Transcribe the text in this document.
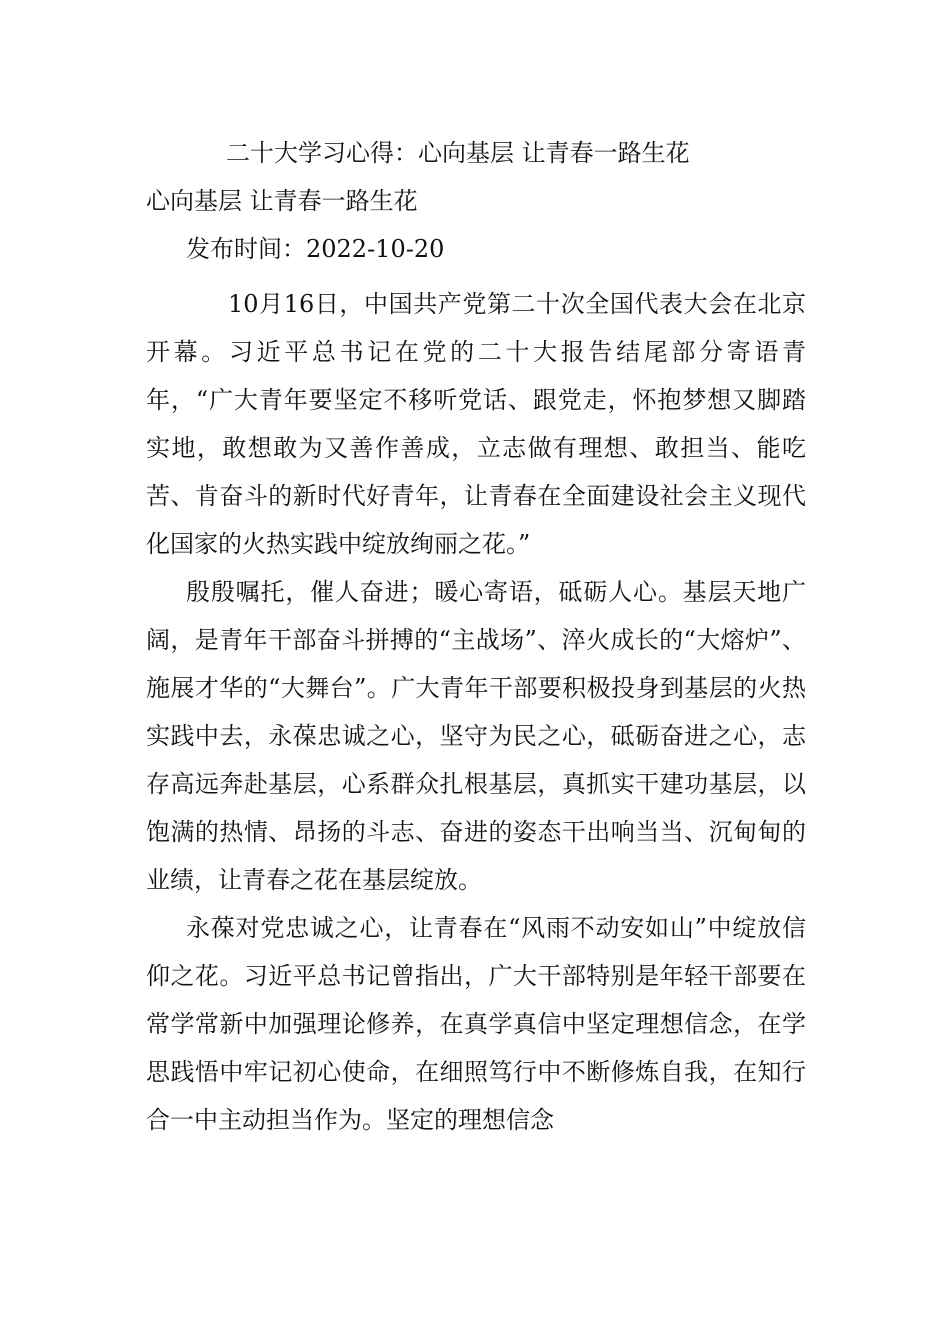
二十大学习心得：心向基层 让青春一路生花
心向基层 让青春一路生花

发布时间：2022-10-20

10月16日，中国共产党第二十次全国代表大会在北京开幕。习近平总书记在党的二十大报告结尾部分寄语青年，“广大青年要坚定不移听党话、跟党走，怀抱梦想又脚踏实地，敢想敢为又善作善成，立志做有理想、敢担当、能吃苦、肯奋斗的新时代好青年，让青春在全面建设社会主义现代化国家的火热实践中绽放绚丽之花。”

殷殷嘱托，催人奋进；暖心寄语，砥砺人心。基层天地广阔，是青年干部奋斗拼搏的“主战场”、淬火成长的“大熔炉”、施展才华的“大舞台”。广大青年干部要积极投身到基层的火热实践中去，永葆忠诚之心，坚守为民之心，砥砺奋进之心，志存高远奔赴基层，心系群众扎根基层，真抓实干建功基层，以饱满的热情、昂扬的斗志、奋进的姿态干出响当当、沉甸甸的业绩，让青春之花在基层绽放。

永葆对党忠诚之心，让青春在“风雨不动安如山”中绽放信仰之花。习近平总书记曾指出，广大干部特别是年轻干部要在常学常新中加强理论修养，在真学真信中坚定理想信念，在学思践悟中牢记初心使命，在细照笃行中不断修炼自我，在知行合一中主动担当作为。坚定的理想信念
